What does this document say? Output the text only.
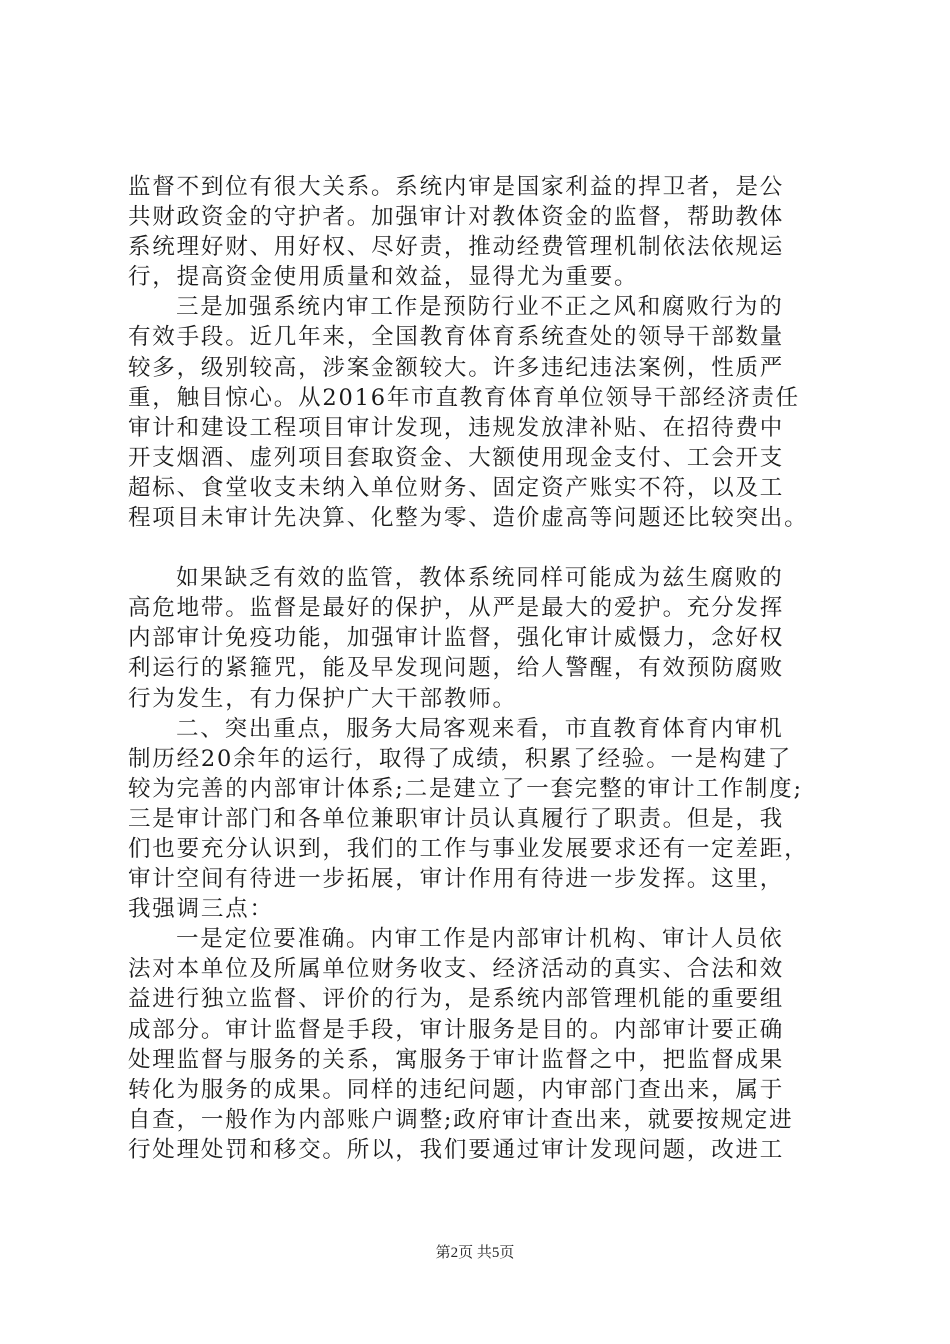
监督不到位有很大关系。系统内审是国家利益的捍卫者，是公
共财政资金的守护者。加强审计对教体资金的监督，帮助教体
系统理好财、用好权、尽好责，推动经费管理机制依法依规运
行，提高资金使用质量和效益，显得尤为重要。
三是加强系统内审工作是预防行业不正之风和腐败行为的
有效手段。近几年来，全国教育体育系统查处的领导干部数量
较多，级别较高，涉案金额较大。许多违纪违法案例，性质严
重，触目惊心。从2016年市直教育体育单位领导干部经济责任
审计和建设工程项目审计发现，违规发放津补贴、在招待费中
开支烟酒、虚列项目套取资金、大额使用现金支付、工会开支
超标、食堂收支未纳入单位财务、固定资产账实不符，以及工
程项目未审计先决算、化整为零、造价虚高等问题还比较突出。
如果缺乏有效的监管，教体系统同样可能成为兹生腐败的
高危地带。监督是最好的保护，从严是最大的爱护。充分发挥
内部审计免疫功能，加强审计监督，强化审计威慑力，念好权
利运行的紧箍咒，能及早发现问题，给人警醒，有效预防腐败
行为发生，有力保护广大干部教师。
二、突出重点，服务大局客观来看，市直教育体育内审机
制历经20余年的运行，取得了成绩，积累了经验。一是构建了
较为完善的内部审计体系;二是建立了一套完整的审计工作制度;
三是审计部门和各单位兼职审计员认真履行了职责。但是，我
们也要充分认识到，我们的工作与事业发展要求还有一定差距，
审计空间有待进一步拓展，审计作用有待进一步发挥。这里，
我强调三点：
一是定位要准确。内审工作是内部审计机构、审计人员依
法对本单位及所属单位财务收支、经济活动的真实、合法和效
益进行独立监督、评价的行为，是系统内部管理机能的重要组
成部分。审计监督是手段，审计服务是目的。内部审计要正确
处理监督与服务的关系，寓服务于审计监督之中，把监督成果
转化为服务的成果。同样的违纪问题，内审部门查出来，属于
自查，一般作为内部账户调整;政府审计查出来，就要按规定进
行处理处罚和移交。所以，我们要通过审计发现问题，改进工
第2页 共5页
